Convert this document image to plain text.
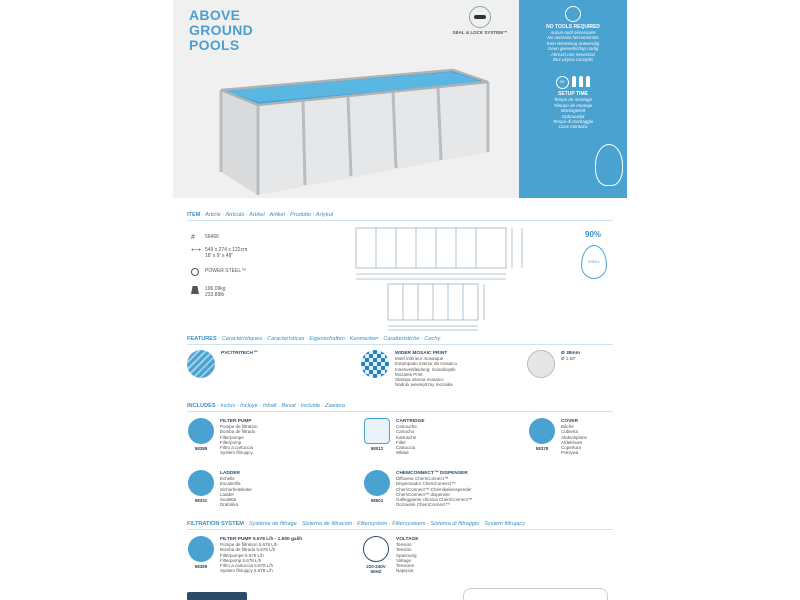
ABOVE
GROUND
POOLS
SEAL & LOCK SYSTEM™
NO TOOLS REQUIRED
Aucun outil nécessaire
No necesita herramientas
Kein Werkzeug notwendig
Geen gereedschap nodig
Attrezzi non necessari
Bez użycia narzędzi
30'
SETUP TIME
Temps de montage
Tiempo de montaje
Montagezeit
Opbouwtijd
Tempo di montaggio
Czas montażu
ITEM · Article · Artículo · Artikel · Artikel · Prodotto · Artykuł
#	56466
⟷ 549 x 274 x 122cm
18' x 9' x 48"
POWER STEEL™
106.09kg
233.89lb
90%
9,000 L
FEATURES · Caractéristiques · Características · Eigenschaften · Kenmerken · Caratteristiche · Cechy
PVC/TRITECH™	WIDER MOSAIC PRINT
Motif intérieur mosaïque
Estampado interior de mosaico
Innenverkleidung: mosaikoptik
Mozaïek Print
Stampa interna mosaico
Nadruk wewnętrzny mozaika
Ø 38mm
Ø 1.50"
INCLUDES · Inclus · Incluye · Inhalt · Bevat · Incluide · Zawiera
58389
FILTER PUMP
Pompe de filtration
Bomba de filtrado
Filterpumpe
Filterpomp
Filtro a cartuccia
System filtrujący
58012
CARTRIDGE
Cartouche
Cartucho
Kartusche
Filter
Cartuccia
Wkład
58378
COVER
Bâche
Cubierta
Abdeckplane
Afdekhoes
Copertura
Pokrywa
58331
LADDER
Échelle
Escalerilla
Sicherheitsleiter
Ladder
Scaletta
Drabinka
58501
CHEMCONNECT™ DISPENSER
Diffuseur ChemConnect™
Dispensador ChemConnect™
ChemConnect™-Chemikalienspender
ChemConnect™ dispenser
Galleggiante chimica ChemConnect™
Dozownik ChemConnect™
FILTRATION SYSTEM · Système de filtrage · Sistema de filtración · Filtersystem · Filtersysteem · Sistema di filtraggio · System filtrujący
58389
FILTER PUMP 5.678 L/h - 1.500 gal/h
Pompe de filtration 5.678 L/h
Bomba de filtrado 5.678 L/h
Filterpumpe 5.678 L/h
Filterpomp 5.678 L/h
Filtro a cartuccia 5.678 L/h
System filtrujący 5.678 L/h
220-240V
50HZ
VOLTAGE
Tension
Tensión
Spannung
Voltage
Tensione
Napięcie
